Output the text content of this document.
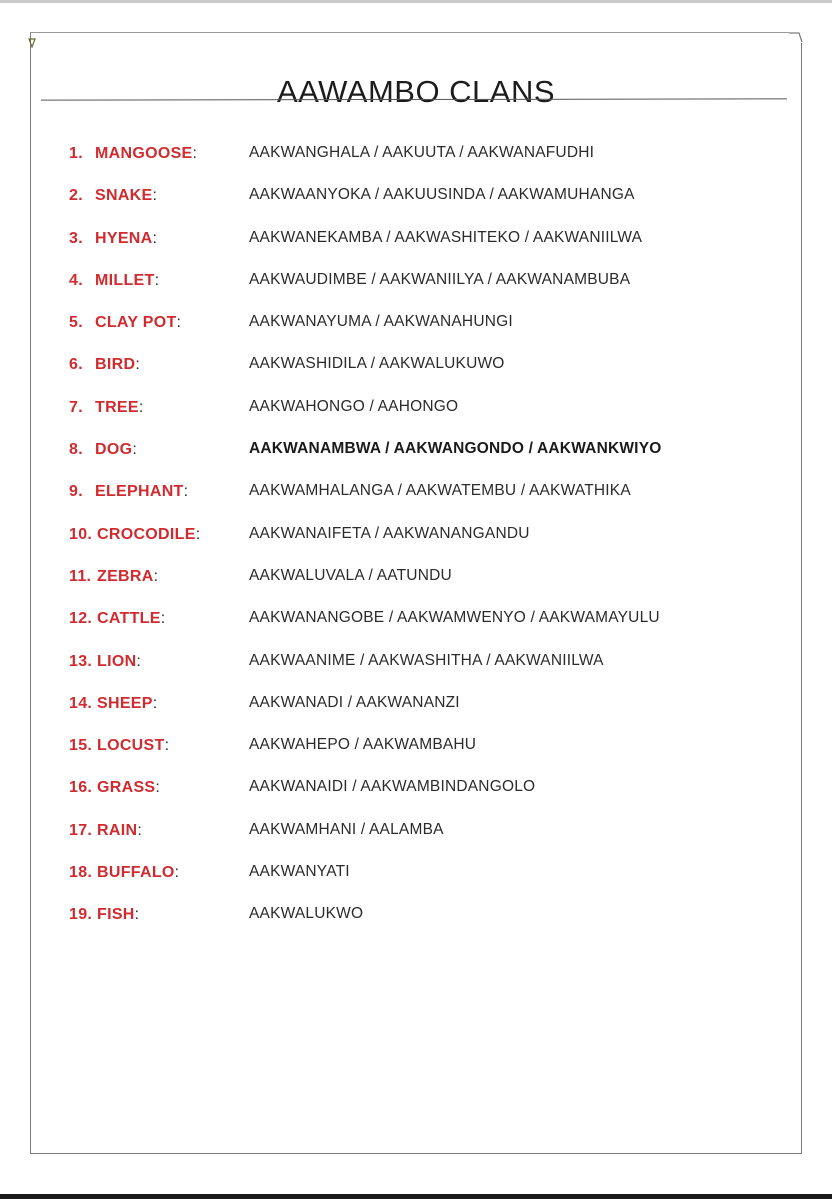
AAWAMBO CLANS
1. MANGOOSE:	AAKWANGHALA / AAKUUTA / AAKWANAFUDHI
2. SNAKE:	AAKWAANYOKA / AAKUUSINDA / AAKWAMUHANGA
3. HYENA:	AAKWANEKAMBA / AAKWASHITEKO / AAKWANIILWA
4. MILLET:	AAKWAUDIMBE / AAKWANIILYA / AAKWANAMBUBA
5. CLAY POT:	AAKWANAYUMA / AAKWANAHUNGI
6. BIRD:	AAKWASHIDILA / AAKWALUKUWO
7. TREE:	AAKWAHONGO / AAHONGO
8. DOG:	AAKWANAMBWA / AAKWANGONDO / AAKWANKWIYO
9. ELEPHANT:	AAKWAMHALANGA / AAKWATEMBU / AAKWATHIKA
10. CROCODILE:	AAKWANAIFETA / AAKWANANGANDU
11. ZEBRA:	AAKWALUVALA / AATUNDU
12. CATTLE:	AAKWANANGOBE / AAKWAMWENYO / AAKWAMAYULU
13. LION:	AAKWAANIME / AAKWASHITHA / AAKWANIILWA
14. SHEEP:	AAKWANADI / AAKWANANZI
15. LOCUST:	AAKWAHEPO / AAKWAMBAHU
16. GRASS:	AAKWANAIDI / AAKWAMBINDANGOLO
17. RAIN:	AAKWAMHANI / AALAMBA
18. BUFFALO:	AAKWANYATI
19. FISH:	AAKWALUKWO
